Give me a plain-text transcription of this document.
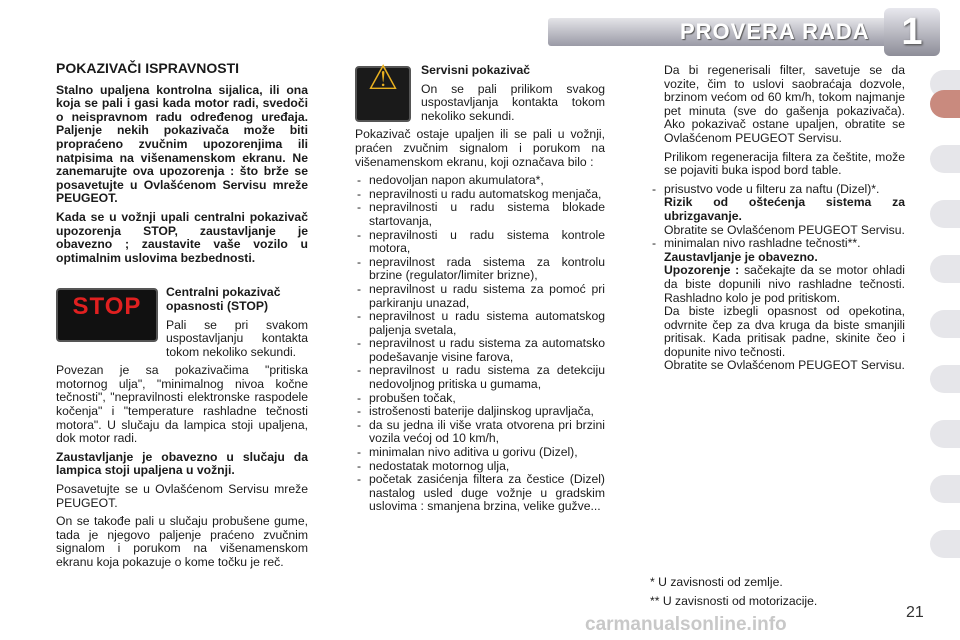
PROVERA RADA 1
POKAZIVAČI ISPRAVNOSTI

Stalno upaljena kontrolna sijalica, ili ona koja se pali i gasi kada motor radi, svedoči o neispravnom radu određenog uređaja. Paljenje nekih pokazivača može biti propraćeno zvučnim upozorenjima ili natpisima na višenamenskom ekranu. Ne zanemarujte ova upozorenja : što brže se posavetujte u Ovlašćenom Servisu mreže PEUGEOT.

Kada se u vožnji upali centralni pokazivač upozorenja STOP, zaustavljanje je obavezno ; zaustavite vaše vozilo u optimalnim uslovima bezbednosti.

STOP

Centralni pokazivač opasnosti (STOP)

Pali se pri svakom uspostavljanju kontakta tokom nekoliko sekundi.

Povezan je sa pokazivačima "pritiska motornog ulja", "minimalnog nivoa kočne tečnosti", "nepravilnosti elektronske raspodele kočenja" i "temperature rashladne tečnosti motora". U slučaju da lampica stoji upaljena, dok motor radi.

Zaustavljanje je obavezno u slučaju da lampica stoji upaljena u vožnji.

Posavetujte se u Ovlašćenom Servisu mreže PEUGEOT.

On se takođe pali u slučaju probušene gume, tada je njegovo paljenje praćeno zvučnim signalom i porukom na višenamenskom ekranu koja pokazuje o kome točku je reč.

⚠	Servisni pokazivač

On se pali prilikom svakog uspostavljanja kontakta tokom nekoliko sekundi.

Pokazivač ostaje upaljen ili se pali u vožnji, praćen zvučnim signalom i porukom na višenamenskom ekranu, koji označava bilo :

- nedovoljan napon akumulatora*,
- nepravilnosti u radu automatskog menjača,
- nepravilnosti u radu sistema blokade startovanja,
- nepravilnosti u radu sistema kontrole motora,
- nepravilnost rada sistema za kontrolu brzine (regulator/limiter brizne),
- nepravilnost u radu sistema za pomoć pri parkiranju unazad,
- nepravilnost u radu sistema automatskog paljenja svetala,
- nepravilnost u radu sistema za automatsko podešavanje visine farova,
- nepravilnost u radu sistema za detekciju nedovoljnog pritiska u gumama,
- probušen točak,
- istrošenosti baterije daljinskog upravljača,
- da su jedna ili više vrata otvorena pri brzini vozila većoj od 10 km/h,
- minimalan nivo aditiva u gorivu (Dizel),
- nedostatak motornog ulja,
- početak zasićenja filtera za čestice (Dizel) nastalog usled duge vožnje u gradskim uslovima : smanjena brzina, velike gužve...

Da bi regenerisali filter, savetuje se da vozite, čim to uslovi saobraćaja dozvole, brzinom većom od 60 km/h, tokom najmanje pet minuta (sve do gašenja pokazivača). Ako pokazivač ostane upaljen, obratite se Ovlašćenom PEUGEOT Servisu.

Prilikom regeneracija filtera za češtite, može se pojaviti buka ispod bord table.

- prisustvo vode u filteru za naftu (Dizel)*.
Rizik od oštećenja sistema za ubrizgavanje.
Obratite se Ovlašćenom PEUGEOT Servisu.
- minimalan nivo rashladne tečnosti**.
Zaustavljanje je obavezno.
Upozorenje : sačekajte da se motor ohladi da biste dopunili nivo rashladne tečnosti. Rashladno kolo je pod pritiskom.
Da biste izbegli opasnost od opekotina, odvrnite čep za dva kruga da biste smanjili pritisak. Kada pritisak padne, skinite čeo i dopunite nivo tečnosti.
Obratite se Ovlašćenom PEUGEOT Servisu.
* U zavisnosti od zemlje.
** U zavisnosti od motorizacije.
carmanualsonline.info
21
